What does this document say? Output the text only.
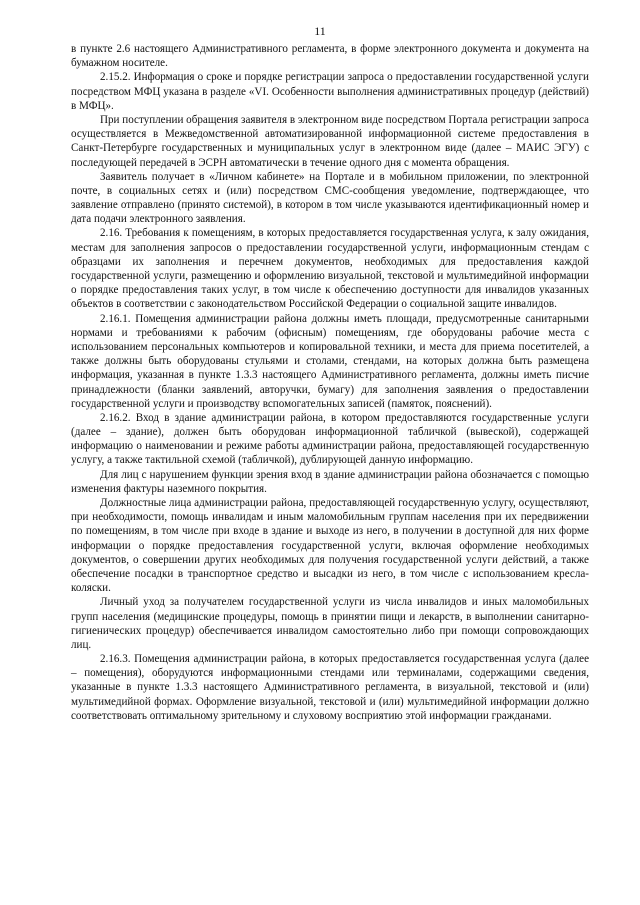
11

в пункте 2.6 настоящего Административного регламента, в форме электронного документа и документа на бумажном носителе.

2.15.2. Информация о сроке и порядке регистрации запроса о предоставлении государственной услуги посредством МФЦ указана в разделе «VI. Особенности выполнения административных процедур (действий) в МФЦ».

При поступлении обращения заявителя в электронном виде посредством Портала регистрации запроса осуществляется в Межведомственной автоматизированной информационной системе предоставления в Санкт-Петербурге государственных и муниципальных услуг в электронном виде (далее – МАИС ЭГУ) с последующей передачей в ЭСРН автоматически в течение одного дня с момента обращения.

Заявитель получает в «Личном кабинете» на Портале и в мобильном приложении, по электронной почте, в социальных сетях и (или) посредством СМС-сообщения уведомление, подтверждающее, что заявление отправлено (принято системой), в котором в том числе указываются идентификационный номер и дата подачи электронного заявления.

2.16. Требования к помещениям, в которых предоставляется государственная услуга, к залу ожидания, местам для заполнения запросов о предоставлении государственной услуги, информационным стендам с образцами их заполнения и перечнем документов, необходимых для предоставления каждой государственной услуги, размещению и оформлению визуальной, текстовой и мультимедийной информации о порядке предоставления таких услуг, в том числе к обеспечению доступности для инвалидов указанных объектов в соответствии с законодательством Российской Федерации о социальной защите инвалидов.

2.16.1. Помещения администрации района должны иметь площади, предусмотренные санитарными нормами и требованиями к рабочим (офисным) помещениям, где оборудованы рабочие места с использованием персональных компьютеров и копировальной техники, и места для приема посетителей, а также должны быть оборудованы стульями и столами, стендами, на которых должна быть размещена информация, указанная в пункте 1.3.3 настоящего Административного регламента, должны иметь писчие принадлежности (бланки заявлений, авторучки, бумагу) для заполнения заявления о предоставлении государственной услуги и производству вспомогательных записей (памяток, пояснений).

2.16.2. Вход в здание администрации района, в котором предоставляются государственные услуги (далее – здание), должен быть оборудован информационной табличкой (вывеской), содержащей информацию о наименовании и режиме работы администрации района, предоставляющей государственную услугу, а также тактильной схемой (табличкой), дублирующей данную информацию.

Для лиц с нарушением функции зрения вход в здание администрации района обозначается с помощью изменения фактуры наземного покрытия.

Должностные лица администрации района, предоставляющей государственную услугу, осуществляют, при необходимости, помощь инвалидам и иным маломобильным группам населения при их передвижении по помещениям, в том числе при входе в здание и выходе из него, в получении в доступной для них форме информации о порядке предоставления государственной услуги, включая оформление необходимых документов, о совершении других необходимых для получения государственной услуги действий, а также обеспечение посадки в транспортное средство и высадки из него, в том числе с использованием кресла-коляски.

Личный уход за получателем государственной услуги из числа инвалидов и иных маломобильных групп населения (медицинские процедуры, помощь в принятии пищи и лекарств, в выполнении санитарно-гигиенических процедур) обеспечивается инвалидом самостоятельно либо при помощи сопровождающих лиц.

2.16.3. Помещения администрации района, в которых предоставляется государственная услуга (далее – помещения), оборудуются информационными стендами или терминалами, содержащими сведения, указанные в пункте 1.3.3 настоящего Административного регламента, в визуальной, текстовой и (или) мультимедийной формах. Оформление визуальной, текстовой и (или) мультимедийной информации должно соответствовать оптимальному зрительному и слуховому восприятию этой информации гражданами.
